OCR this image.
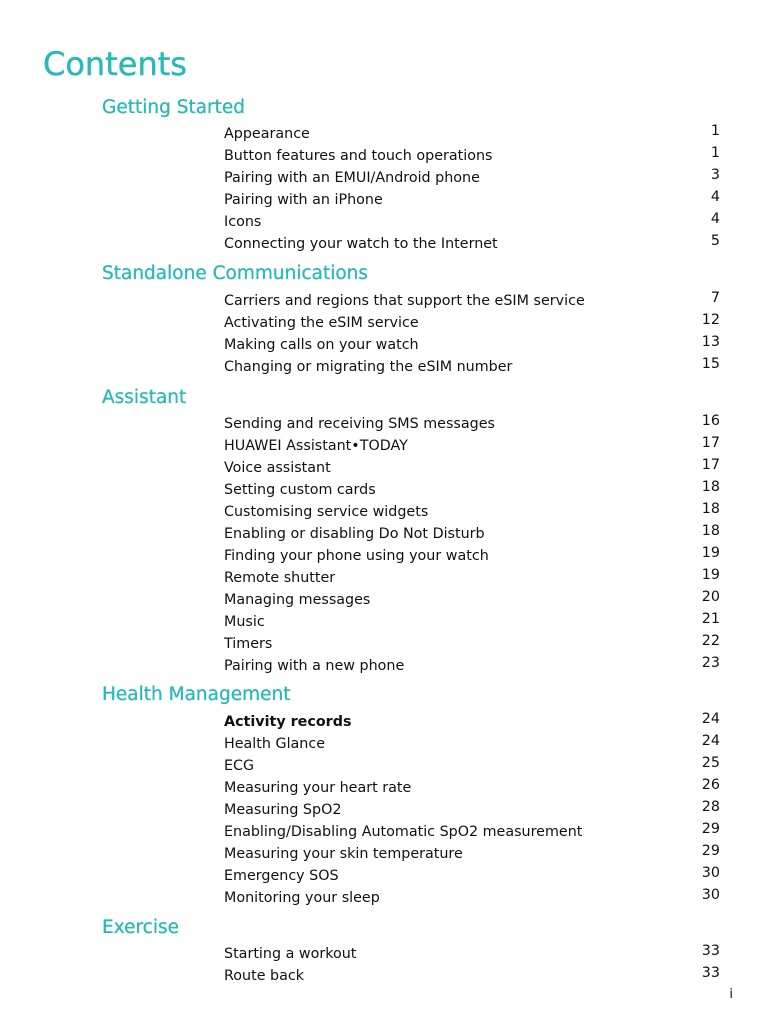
Contents
Getting Started
Appearance	1
Button features and touch operations	1
Pairing with an EMUI/Android phone	3
Pairing with an iPhone	4
Icons	4
Connecting your watch to the Internet	5
Standalone Communications
Carriers and regions that support the eSIM service	7
Activating the eSIM service	12
Making calls on your watch	13
Changing or migrating the eSIM number	15
Assistant
Sending and receiving SMS messages	16
HUAWEI Assistant•TODAY	17
Voice assistant	17
Setting custom cards	18
Customising service widgets	18
Enabling or disabling Do Not Disturb	18
Finding your phone using your watch	19
Remote shutter	19
Managing messages	20
Music	21
Timers	22
Pairing with a new phone	23
Health Management
Activity records	24
Health Glance	24
ECG	25
Measuring your heart rate	26
Measuring SpO2	28
Enabling/Disabling Automatic SpO2 measurement	29
Measuring your skin temperature	29
Emergency SOS	30
Monitoring your sleep	30
Exercise
Starting a workout	33
Route back	33
i
